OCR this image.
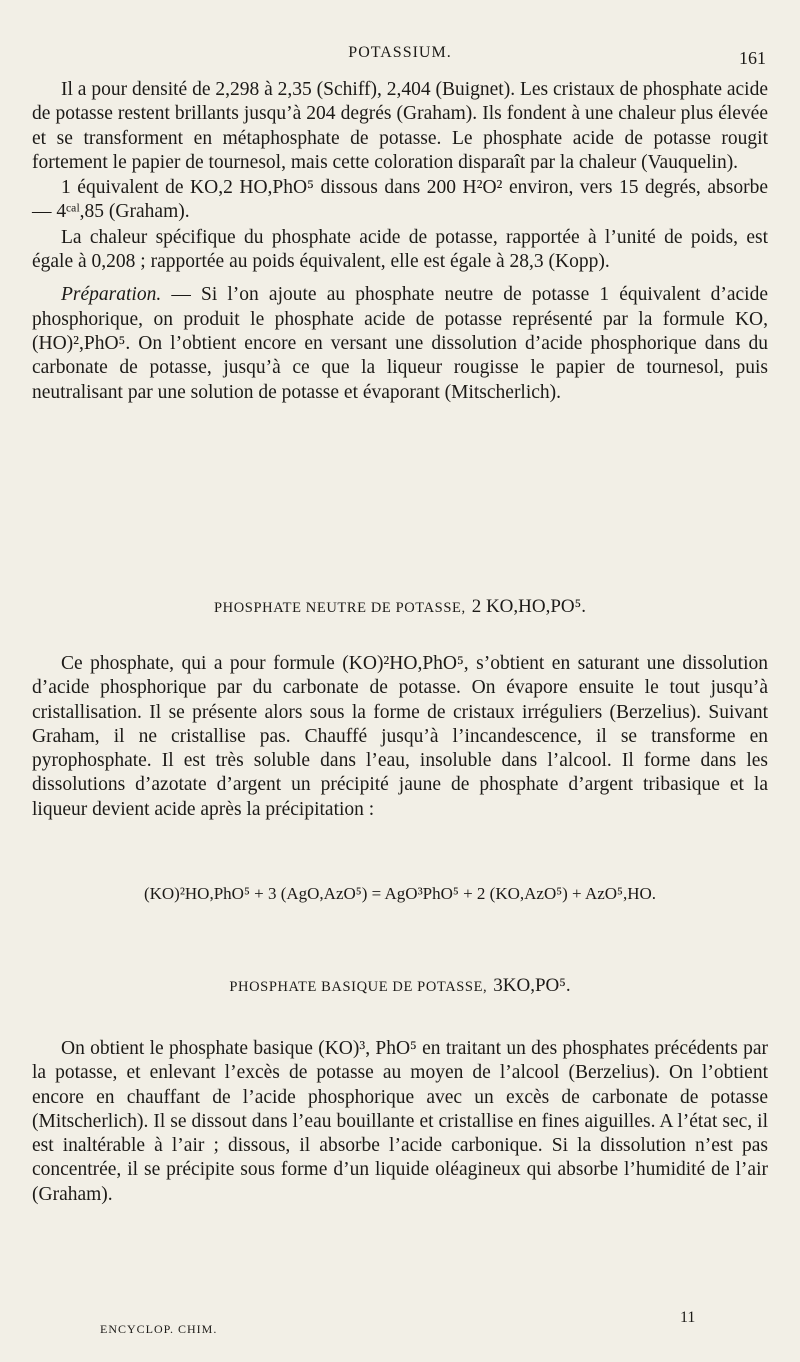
POTASSIUM.	161

Il a pour densité de 2,298 à 2,35 (Schiff), 2,404 (Buignet). Les cristaux de phosphate acide de potasse restent brillants jusqu’à 204 degrés (Graham). Ils fondent à une chaleur plus élevée et se transforment en métaphosphate de potasse. Le phosphate acide de potasse rougit fortement le papier de tournesol, mais cette coloration disparaît par la chaleur (Vauquelin).

1 équivalent de KO,2 HO,PhO⁵ dissous dans 200 H²O² environ, vers 15 degrés, absorbe — 4ᶜᵃˡ,85 (Graham).

La chaleur spécifique du phosphate acide de potasse, rapportée à l’unité de poids, est égale à 0,208 ; rapportée au poids équivalent, elle est égale à 28,3 (Kopp).

Préparation. — Si l’on ajoute au phosphate neutre de potasse 1 équivalent d’acide phosphorique, on produit le phosphate acide de potasse représenté par la formule KO,(HO)²,PhO⁵. On l’obtient encore en versant une dissolution d’acide phosphorique dans du carbonate de potasse, jusqu’à ce que la liqueur rougisse le papier de tournesol, puis neutralisant par une solution de potasse et évaporant (Mitscherlich).

PHOSPHATE NEUTRE DE POTASSE, 2 KO,HO,PO⁵.

Ce phosphate, qui a pour formule (KO)²HO,PhO⁵, s’obtient en saturant une dissolution d’acide phosphorique par du carbonate de potasse. On évapore ensuite le tout jusqu’à cristallisation. Il se présente alors sous la forme de cristaux irréguliers (Berzelius). Suivant Graham, il ne cristallise pas. Chauffé jusqu’à l’incandescence, il se transforme en pyrophosphate. Il est très soluble dans l’eau, insoluble dans l’alcool. Il forme dans les dissolutions d’azotate d’argent un précipité jaune de phosphate d’argent tribasique et la liqueur devient acide après la précipitation :

(KO)²HO,PhO⁵ + 3 (AgO,AzO⁵) = AgO³PhO⁵ + 2 (KO,AzO⁵) + AzO⁵,HO.
PHOSPHATE BASIQUE DE POTASSE, 3KO,PO⁵.

On obtient le phosphate basique (KO)³, PhO⁵ en traitant un des phosphates précédents par la potasse, et enlevant l’excès de potasse au moyen de l’alcool (Berzelius). On l’obtient encore en chauffant de l’acide phosphorique avec un excès de carbonate de potasse (Mitscherlich). Il se dissout dans l’eau bouillante et cristallise en fines aiguilles. A l’état sec, il est inaltérable à l’air ; dissous, il absorbe l’acide carbonique. Si la dissolution n’est pas concentrée, il se précipite sous forme d’un liquide oléagineux qui absorbe l’humidité de l’air (Graham).

ENCYCLOP. CHIM.
11
